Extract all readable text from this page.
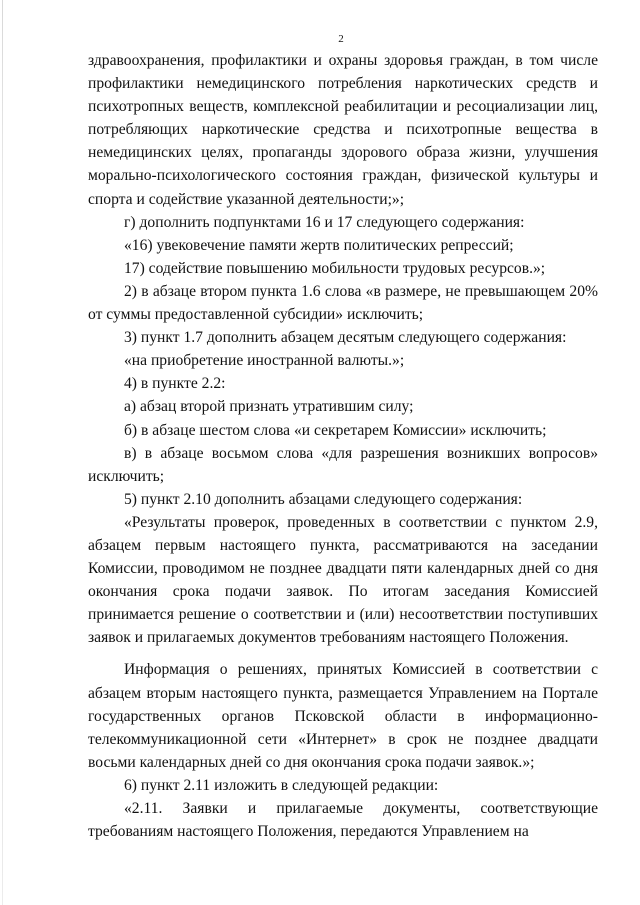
2

здравоохранения, профилактики и охраны здоровья граждан, в том числе профилактики немедицинского потребления наркотических средств и психотропных веществ, комплексной реабилитации и ресоциализации лиц, потребляющих наркотические средства и психотропные вещества в немедицинских целях, пропаганды здорового образа жизни, улучшения морально-психологического состояния граждан, физической культуры и спорта и содействие указанной деятельности;»;

г) дополнить подпунктами 16 и 17 следующего содержания:

«16) увековечение памяти жертв политических репрессий;

17) содействие повышению мобильности трудовых ресурсов.»;

2) в абзаце втором пункта 1.6 слова «в размере, не превышающем 20% от суммы предоставленной субсидии» исключить;

3) пункт 1.7 дополнить абзацем десятым следующего содержания:

«на приобретение иностранной валюты.»;

4) в пункте 2.2:

а) абзац второй признать утратившим силу;

б) в абзаце шестом слова «и секретарем Комиссии» исключить;

в) в абзаце восьмом слова «для разрешения возникших вопросов» исключить;

5) пункт 2.10 дополнить абзацами следующего содержания:

«Результаты проверок, проведенных в соответствии с пунктом 2.9, абзацем первым настоящего пункта, рассматриваются на заседании Комиссии, проводимом не позднее двадцати пяти календарных дней со дня окончания срока подачи заявок. По итогам заседания Комиссией принимается решение о соответствии и (или) несоответствии поступивших заявок и прилагаемых документов требованиям настоящего Положения.

Информация о решениях, принятых Комиссией в соответствии с абзацем вторым настоящего пункта, размещается Управлением на Портале государственных органов Псковской области в информационно-телекоммуникационной сети «Интернет» в срок не позднее двадцати восьми календарных дней со дня окончания срока подачи заявок.»;

6) пункт 2.11 изложить в следующей редакции:

«2.11. Заявки и прилагаемые документы, соответствующие требованиям настоящего Положения, передаются Управлением на
